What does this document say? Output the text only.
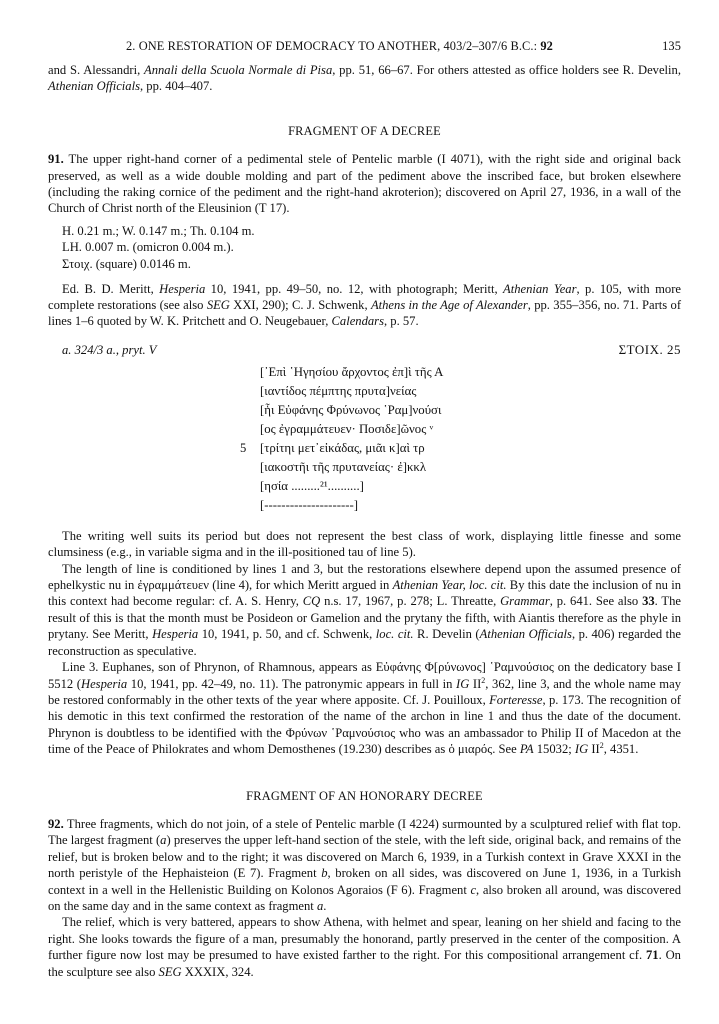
2. ONE RESTORATION OF DEMOCRACY TO ANOTHER, 403/2–307/6 B.C.: 92	135

and S. Alessandri, Annali della Scuola Normale di Pisa, pp. 51, 66–67. For others attested as office holders see R. Develin, Athenian Officials, pp. 404–407.

FRAGMENT OF A DECREE

91. The upper right-hand corner of a pedimental stele of Pentelic marble (I 4071), with the right side and original back preserved, as well as a wide double molding and part of the pediment above the inscribed face, but broken elsewhere (including the raking cornice of the pediment and the right-hand akroterion); discovered on April 27, 1936, in a wall of the Church of Christ north of the Eleusinion (T 17).

H. 0.21 m.; W. 0.147 m.; Th. 0.104 m.
LH. 0.007 m. (omicron 0.004 m.).
Στοιχ. (square) 0.0146 m.

Ed. B. D. Meritt, Hesperia 10, 1941, pp. 49–50, no. 12, with photograph; Meritt, Athenian Year, p. 105, with more complete restorations (see also SEG XXI, 290); C. J. Schwenk, Athens in the Age of Alexander, pp. 355–356, no. 71. Parts of lines 1–6 quoted by W. K. Pritchett and O. Neugebauer, Calendars, p. 57.

a. 324/3 a., pryt. V	ΣΤΟΙΧ. 25
[᾿Επὶ ῾Ηγησίου ἄρχοντος ἐπ]ὶ τῆς Α
[ιαντίδος πέμπτης πρυτα]νείας
[ἧι Εὐφάνης Φρύνωνος ῾Ραμ]νούσι
[ος ἐγραμμάτευεν· Ποσιδε]ῶνος ᵛ
5 [τρίτηι μετ᾿εἰκάδας, μιᾶι κ]αὶ τρ
[ιακοστῆι τῆς πρυτανείας· ἐ]κκλ
[ησία .........²¹..........]
[---------------------]

The writing well suits its period but does not represent the best class of work, displaying little finesse and some clumsiness (e.g., in variable sigma and in the ill-positioned tau of line 5).

The length of line is conditioned by lines 1 and 3, but the restorations elsewhere depend upon the assumed presence of ephelkystic nu in ἐγραμμάτευεν (line 4), for which Meritt argued in Athenian Year, loc. cit. By this date the inclusion of nu in this context had become regular: cf. A. S. Henry, CQ n.s. 17, 1967, p. 278; L. Threatte, Grammar, p. 641. See also 33. The result of this is that the month must be Posideon or Gamelion and the prytany the fifth, with Aiantis therefore as the phyle in prytany. See Meritt, Hesperia 10, 1941, p. 50, and cf. Schwenk, loc. cit. R. Develin (Athenian Officials, p. 406) regarded the reconstruction as speculative.

Line 3. Euphanes, son of Phrynon, of Rhamnous, appears as Εὐφάνης Φ[ρύνωνος] ῾Ραμνούσιος on the dedicatory base I 5512 (Hesperia 10, 1941, pp. 42–49, no. 11). The patronymic appears in full in IG $II^2$, 362, line 3, and the whole name may be restored conformably in the other texts of the year where apposite. Cf. J. Pouilloux, Forteresse, p. 173. The recognition of his demotic in this text confirmed the restoration of the name of the archon in line 1 and thus the date of the document. Phrynon is doubtless to be identified with the Φρύνων ῾Ραμνούσιος who was an ambassador to Philip II of Macedon at the time of the Peace of Philokrates and whom Demosthenes (19.230) describes as ὁ μιαρός. See PA 15032; IG $II^2$, 4351.

FRAGMENT OF AN HONORARY DECREE

92. Three fragments, which do not join, of a stele of Pentelic marble (I 4224) surmounted by a sculptured relief with flat top. The largest fragment (a) preserves the upper left-hand section of the stele, with the left side, original back, and remains of the relief, but is broken below and to the right; it was discovered on March 6, 1939, in a Turkish context in Grave XXXI in the north peristyle of the Hephaisteion (E 7). Fragment b, broken on all sides, was discovered on June 1, 1936, in a Turkish context in a well in the Hellenistic Building on Kolonos Agoraios (F 6). Fragment c, also broken all around, was discovered on the same day and in the same context as fragment a.

The relief, which is very battered, appears to show Athena, with helmet and spear, leaning on her shield and facing to the right. She looks towards the figure of a man, presumably the honorand, partly preserved in the center of the composition. A further figure now lost may be presumed to have existed farther to the right. For this compositional arrangement cf. 71. On the sculpture see also SEG XXXIX, 324.
